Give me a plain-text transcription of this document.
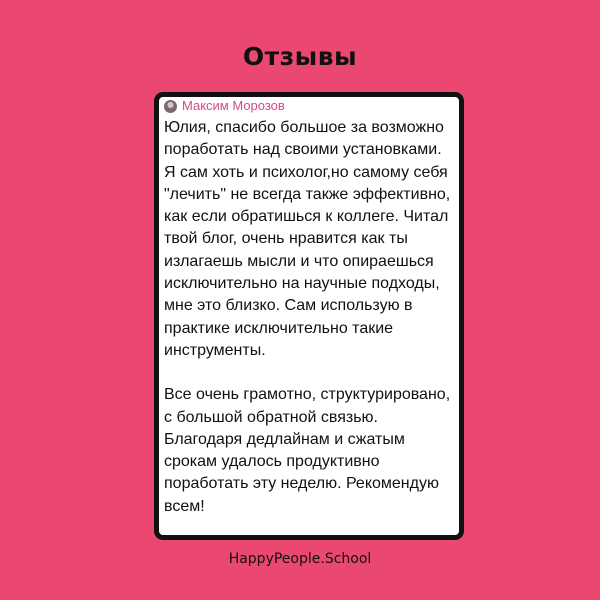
Отзывы
Максим Морозов

Юлия, спасибо большое за возможно поработать над своими установками. Я сам хоть и психолог,но самому себя "лечить" не всегда также эффективно, как если обратишься к коллеге. Читал твой блог, очень нравится как ты излагаешь мысли и что опираешься исключительно на научные подходы, мне это близко. Сам использую в практике исключительно такие инструменты.

Все очень грамотно, структурировано, с большой обратной связью. Благодаря дедлайнам и сжатым срокам удалось продуктивно поработать эту неделю. Рекомендую всем!

HappyPeople.School
